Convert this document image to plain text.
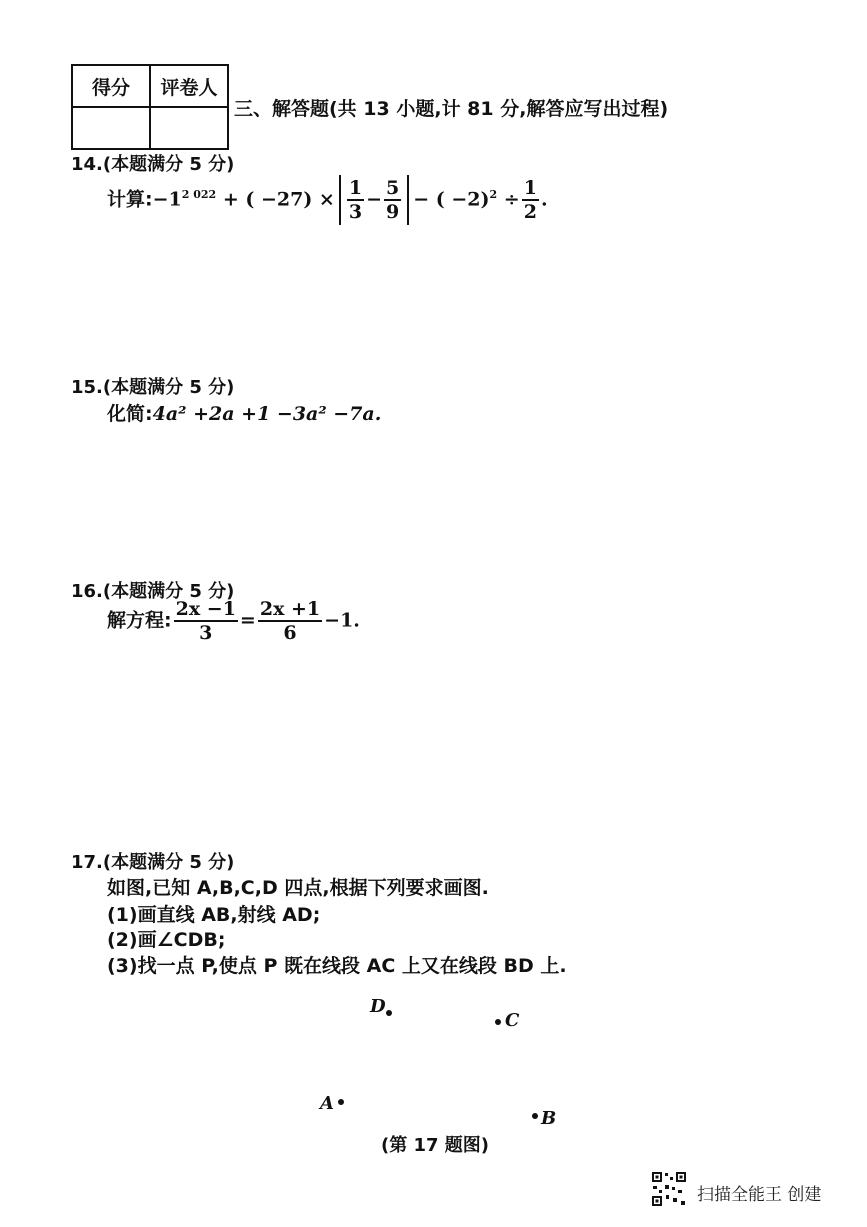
得分	评卷人

三、解答题(共 13 小题,计 81 分,解答应写出过程)
14.(本题满分 5 分)
计算$:-1^{2 022}$ + ( $-27) \times \frac{1}{3} - \frac{5}{9}$ − ( $-2)^2 \div \frac{1}{2}$ .
15.(本题满分 5 分)
化简:4a² +2a +1 −3a² −7a.
16.(本题满分 5 分)
解方程: $\frac{2x -1}{3} = \frac{2x +1}{6} -1$.
17.(本题满分 5 分)
如图,已知 A,B,C,D 四点,根据下列要求画图.
(1)画直线 AB,射线 AD;
(2)画∠CDB;
(3)找一点 P,使点 P 既在线段 AC 上又在线段 BD 上.
D
C
A
B
(第 17 题图)
扫描全能王 创建
